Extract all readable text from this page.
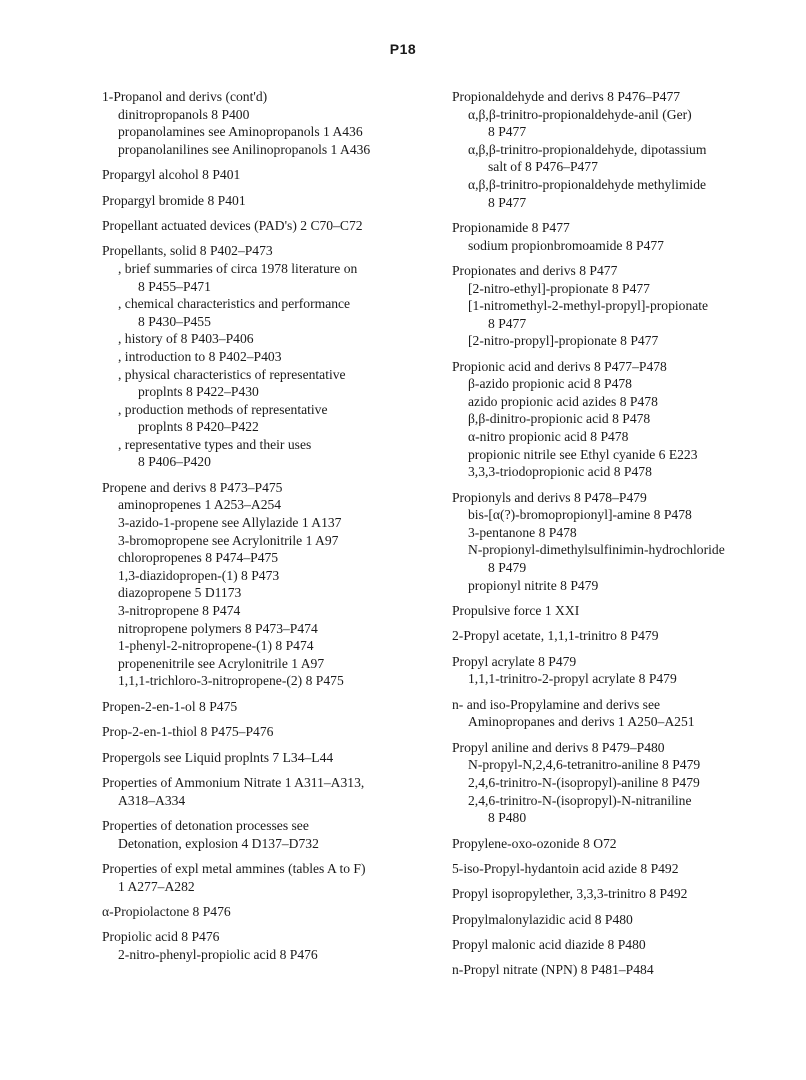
P18
1-Propanol and derivs (cont'd)
dinitropropanols 8 P400
propanolamines see Aminopropanols 1 A436
propanolanilines see Anilinopropanols 1 A436
Propargyl alcohol 8 P401
Propargyl bromide 8 P401
Propellant actuated devices (PAD's) 2 C70–C72
Propellants, solid 8 P402–P473
, brief summaries of circa 1978 literature on
8 P455–P471
, chemical characteristics and performance
8 P430–P455
, history of 8 P403–P406
, introduction to 8 P402–P403
, physical characteristics of representative
proplnts 8 P422–P430
, production methods of representative
proplnts 8 P420–P422
, representative types and their uses
8 P406–P420
Propene and derivs 8 P473–P475
aminopropenes 1 A253–A254
3-azido-1-propene see Allylazide 1 A137
3-bromopropene see Acrylonitrile 1 A97
chloropropenes 8 P474–P475
1,3-diazidopropen-(1) 8 P473
diazopropene 5 D1173
3-nitropropene 8 P474
nitropropene polymers 8 P473–P474
1-phenyl-2-nitropropene-(1) 8 P474
propenenitrile see Acrylonitrile 1 A97
1,1,1-trichloro-3-nitropropene-(2) 8 P475
Propen-2-en-1-ol 8 P475
Prop-2-en-1-thiol 8 P475–P476
Propergols see Liquid proplnts 7 L34–L44
Properties of Ammonium Nitrate 1 A311–A313,
A318–A334
Properties of detonation processes see
Detonation, explosion 4 D137–D732
Properties of expl metal ammines (tables A to F)
1 A277–A282
α-Propiolactone 8 P476
Propiolic acid 8 P476
2-nitro-phenyl-propiolic acid 8 P476
Propionaldehyde and derivs 8 P476–P477
α,β,β-trinitro-propionaldehyde-anil (Ger)
8 P477
α,β,β-trinitro-propionaldehyde, dipotassium
salt of 8 P476–P477
α,β,β-trinitro-propionaldehyde methylimide
8 P477
Propionamide 8 P477
sodium propionbromoamide 8 P477
Propionates and derivs 8 P477
[2-nitro-ethyl]-propionate 8 P477
[1-nitromethyl-2-methyl-propyl]-propionate
8 P477
[2-nitro-propyl]-propionate 8 P477
Propionic acid and derivs 8 P477–P478
β-azido propionic acid 8 P478
azido propionic acid azides 8 P478
β,β-dinitro-propionic acid 8 P478
α-nitro propionic acid 8 P478
propionic nitrile see Ethyl cyanide 6 E223
3,3,3-triodopropionic acid 8 P478
Propionyls and derivs 8 P478–P479
bis-[α(?)-bromopropionyl]-amine 8 P478
3-pentanone 8 P478
N-propionyl-dimethylsulfinimin-hydrochloride
8 P479
propionyl nitrite 8 P479
Propulsive force 1 XXI
2-Propyl acetate, 1,1,1-trinitro 8 P479
Propyl acrylate 8 P479
1,1,1-trinitro-2-propyl acrylate 8 P479
n- and iso-Propylamine and derivs see
Aminopropanes and derivs 1 A250–A251
Propyl aniline and derivs 8 P479–P480
N-propyl-N,2,4,6-tetranitro-aniline 8 P479
2,4,6-trinitro-N-(isopropyl)-aniline 8 P479
2,4,6-trinitro-N-(isopropyl)-N-nitraniline
8 P480
Propylene-oxo-ozonide 8 O72
5-iso-Propyl-hydantoin acid azide 8 P492
Propyl isopropylether, 3,3,3-trinitro 8 P492
Propylmalonylazidic acid 8 P480
Propyl malonic acid diazide 8 P480
n-Propyl nitrate (NPN) 8 P481–P484
